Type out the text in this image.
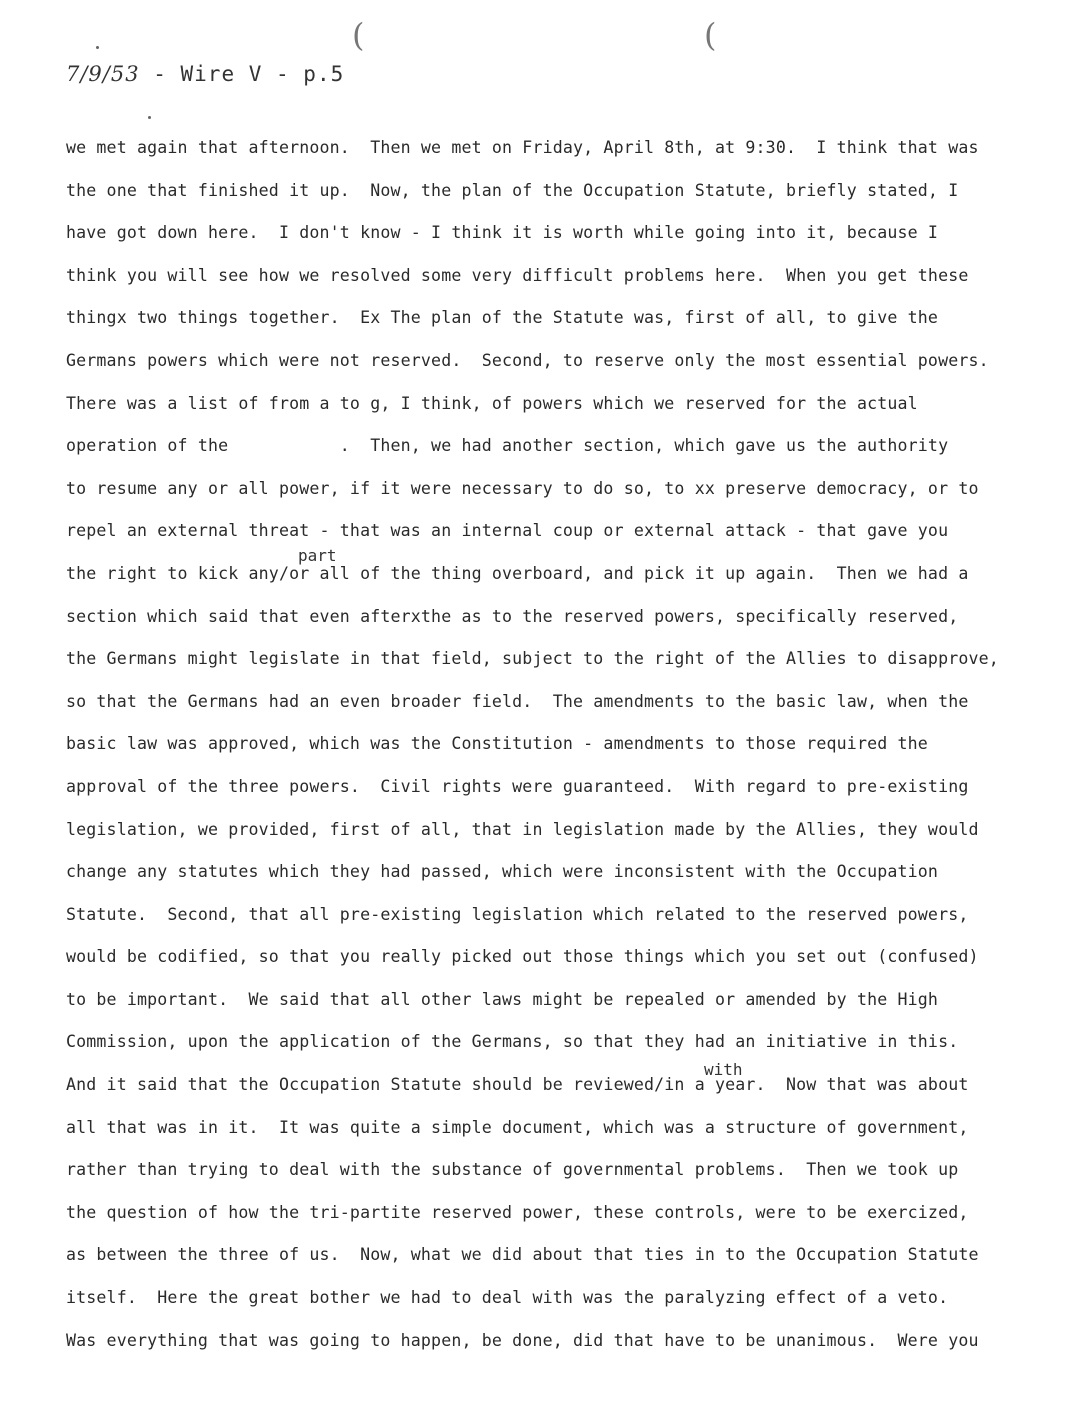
(	(
7/9/53 - Wire V - p.5
part
with
we met again that afternoon.  Then we met on Friday, April 8th, at 9:30.  I think that was
the one that finished it up.  Now, the plan of the Occupation Statute, briefly stated, I
have got down here.  I don't know - I think it is worth while going into it, because I
think you will see how we resolved some very difficult problems here.  When you get these
thingx two things together.  Ex The plan of the Statute was, first of all, to give the
Germans powers which were not reserved.  Second, to reserve only the most essential powers.
There was a list of from a to g, I think, of powers which we reserved for the actual
operation of the           .  Then, we had another section, which gave us the authority
to resume any or all power, if it were necessary to do so, to xx preserve democracy, or to
repel an external threat - that was an internal coup or external attack - that gave you
the right to kick any/or all of the thing overboard, and pick it up again.  Then we had a
section which said that even afterxthe as to the reserved powers, specifically reserved,
the Germans might legislate in that field, subject to the right of the Allies to disapprove,
so that the Germans had an even broader field.  The amendments to the basic law, when the
basic law was approved, which was the Constitution - amendments to those required the
approval of the three powers.  Civil rights were guaranteed.  With regard to pre-existing
legislation, we provided, first of all, that in legislation made by the Allies, they would
change any statutes which they had passed, which were inconsistent with the Occupation
Statute.  Second, that all pre-existing legislation which related to the reserved powers,
would be codified, so that you really picked out those things which you set out (confused)
to be important.  We said that all other laws might be repealed or amended by the High
Commission, upon the application of the Germans, so that they had an initiative in this.
And it said that the Occupation Statute should be reviewed/in a year.  Now that was about
all that was in it.  It was quite a simple document, which was a structure of government,
rather than trying to deal with the substance of governmental problems.  Then we took up
the question of how the tri-partite reserved power, these controls, were to be exercized,
as between the three of us.  Now, what we did about that ties in to the Occupation Statute
itself.  Here the great bother we had to deal with was the paralyzing effect of a veto.
Was everything that was going to happen, be done, did that have to be unanimous.  Were you
